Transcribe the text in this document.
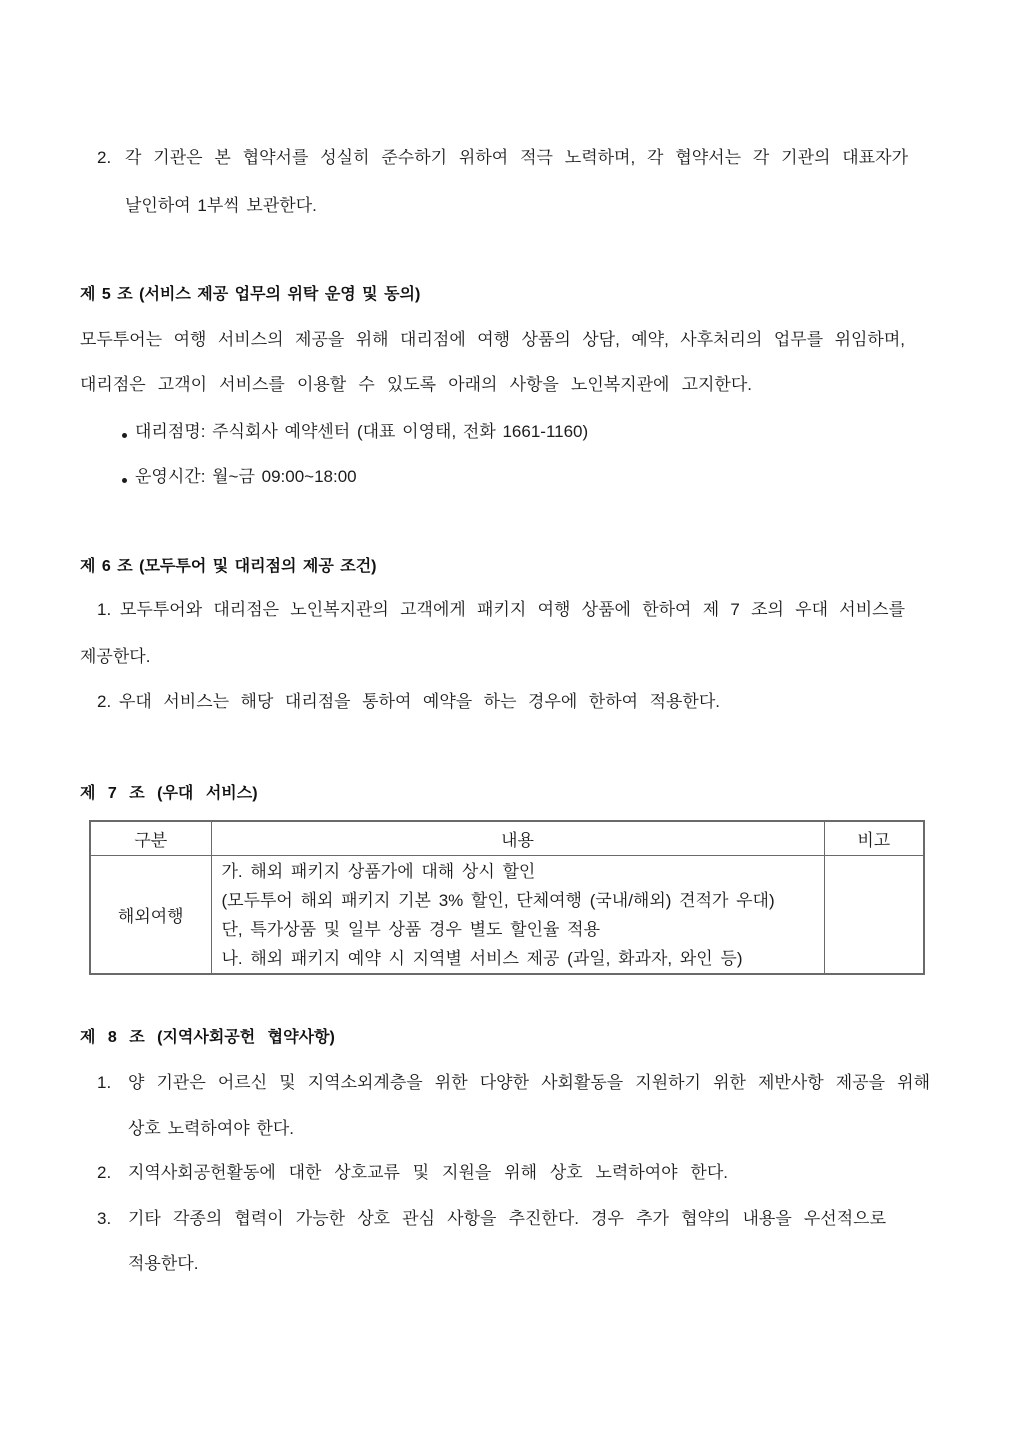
2. 각 기관은 본 협약서를 성실히 준수하기 위하여 적극 노력하며, 각 협약서는 각 기관의 대표자가
날인하여 1부씩 보관한다.
제 5 조 (서비스 제공 업무의 위탁 운영 및 동의)
모두투어는 여행 서비스의 제공을 위해 대리점에 여행 상품의 상담, 예약, 사후처리의 업무를 위임하며,
대리점은 고객이 서비스를 이용할 수 있도록 아래의 사항을 노인복지관에 고지한다.
대리점명: 주식회사 예약센터 (대표 이영태, 전화 1661-1160)
운영시간: 월~금 09:00~18:00
제 6 조 (모두투어 및 대리점의 제공 조건)
1. 모두투어와 대리점은 노인복지관의 고객에게 패키지 여행 상품에 한하여 제 7 조의 우대 서비스를
제공한다.
2. 우대 서비스는 해당 대리점을 통하여 예약을 하는 경우에 한하여 적용한다.
제 7 조 (우대 서비스)
구분	내용	비고
해외여행	가. 해외 패키지 상품가에 대해 상시 할인
(모두투어 해외 패키지 기본 3% 할인, 단체여행 (국내/해외) 견적가 우대)
단, 특가상품 및 일부 상품 경우 별도 할인율 적용
나. 해외 패키지 예약 시 지역별 서비스 제공 (과일, 화과자, 와인 등)	

제 8 조 (지역사회공헌 협약사항)
1. 양 기관은 어르신 및 지역소외계층을 위한 다양한 사회활동을 지원하기 위한 제반사항 제공을 위해
상호 노력하여야 한다.
2. 지역사회공헌활동에 대한 상호교류 및 지원을 위해 상호 노력하여야 한다.
3. 기타 각종의 협력이 가능한 상호 관심 사항을 추진한다. 경우 추가 협약의 내용을 우선적으로
적용한다.
